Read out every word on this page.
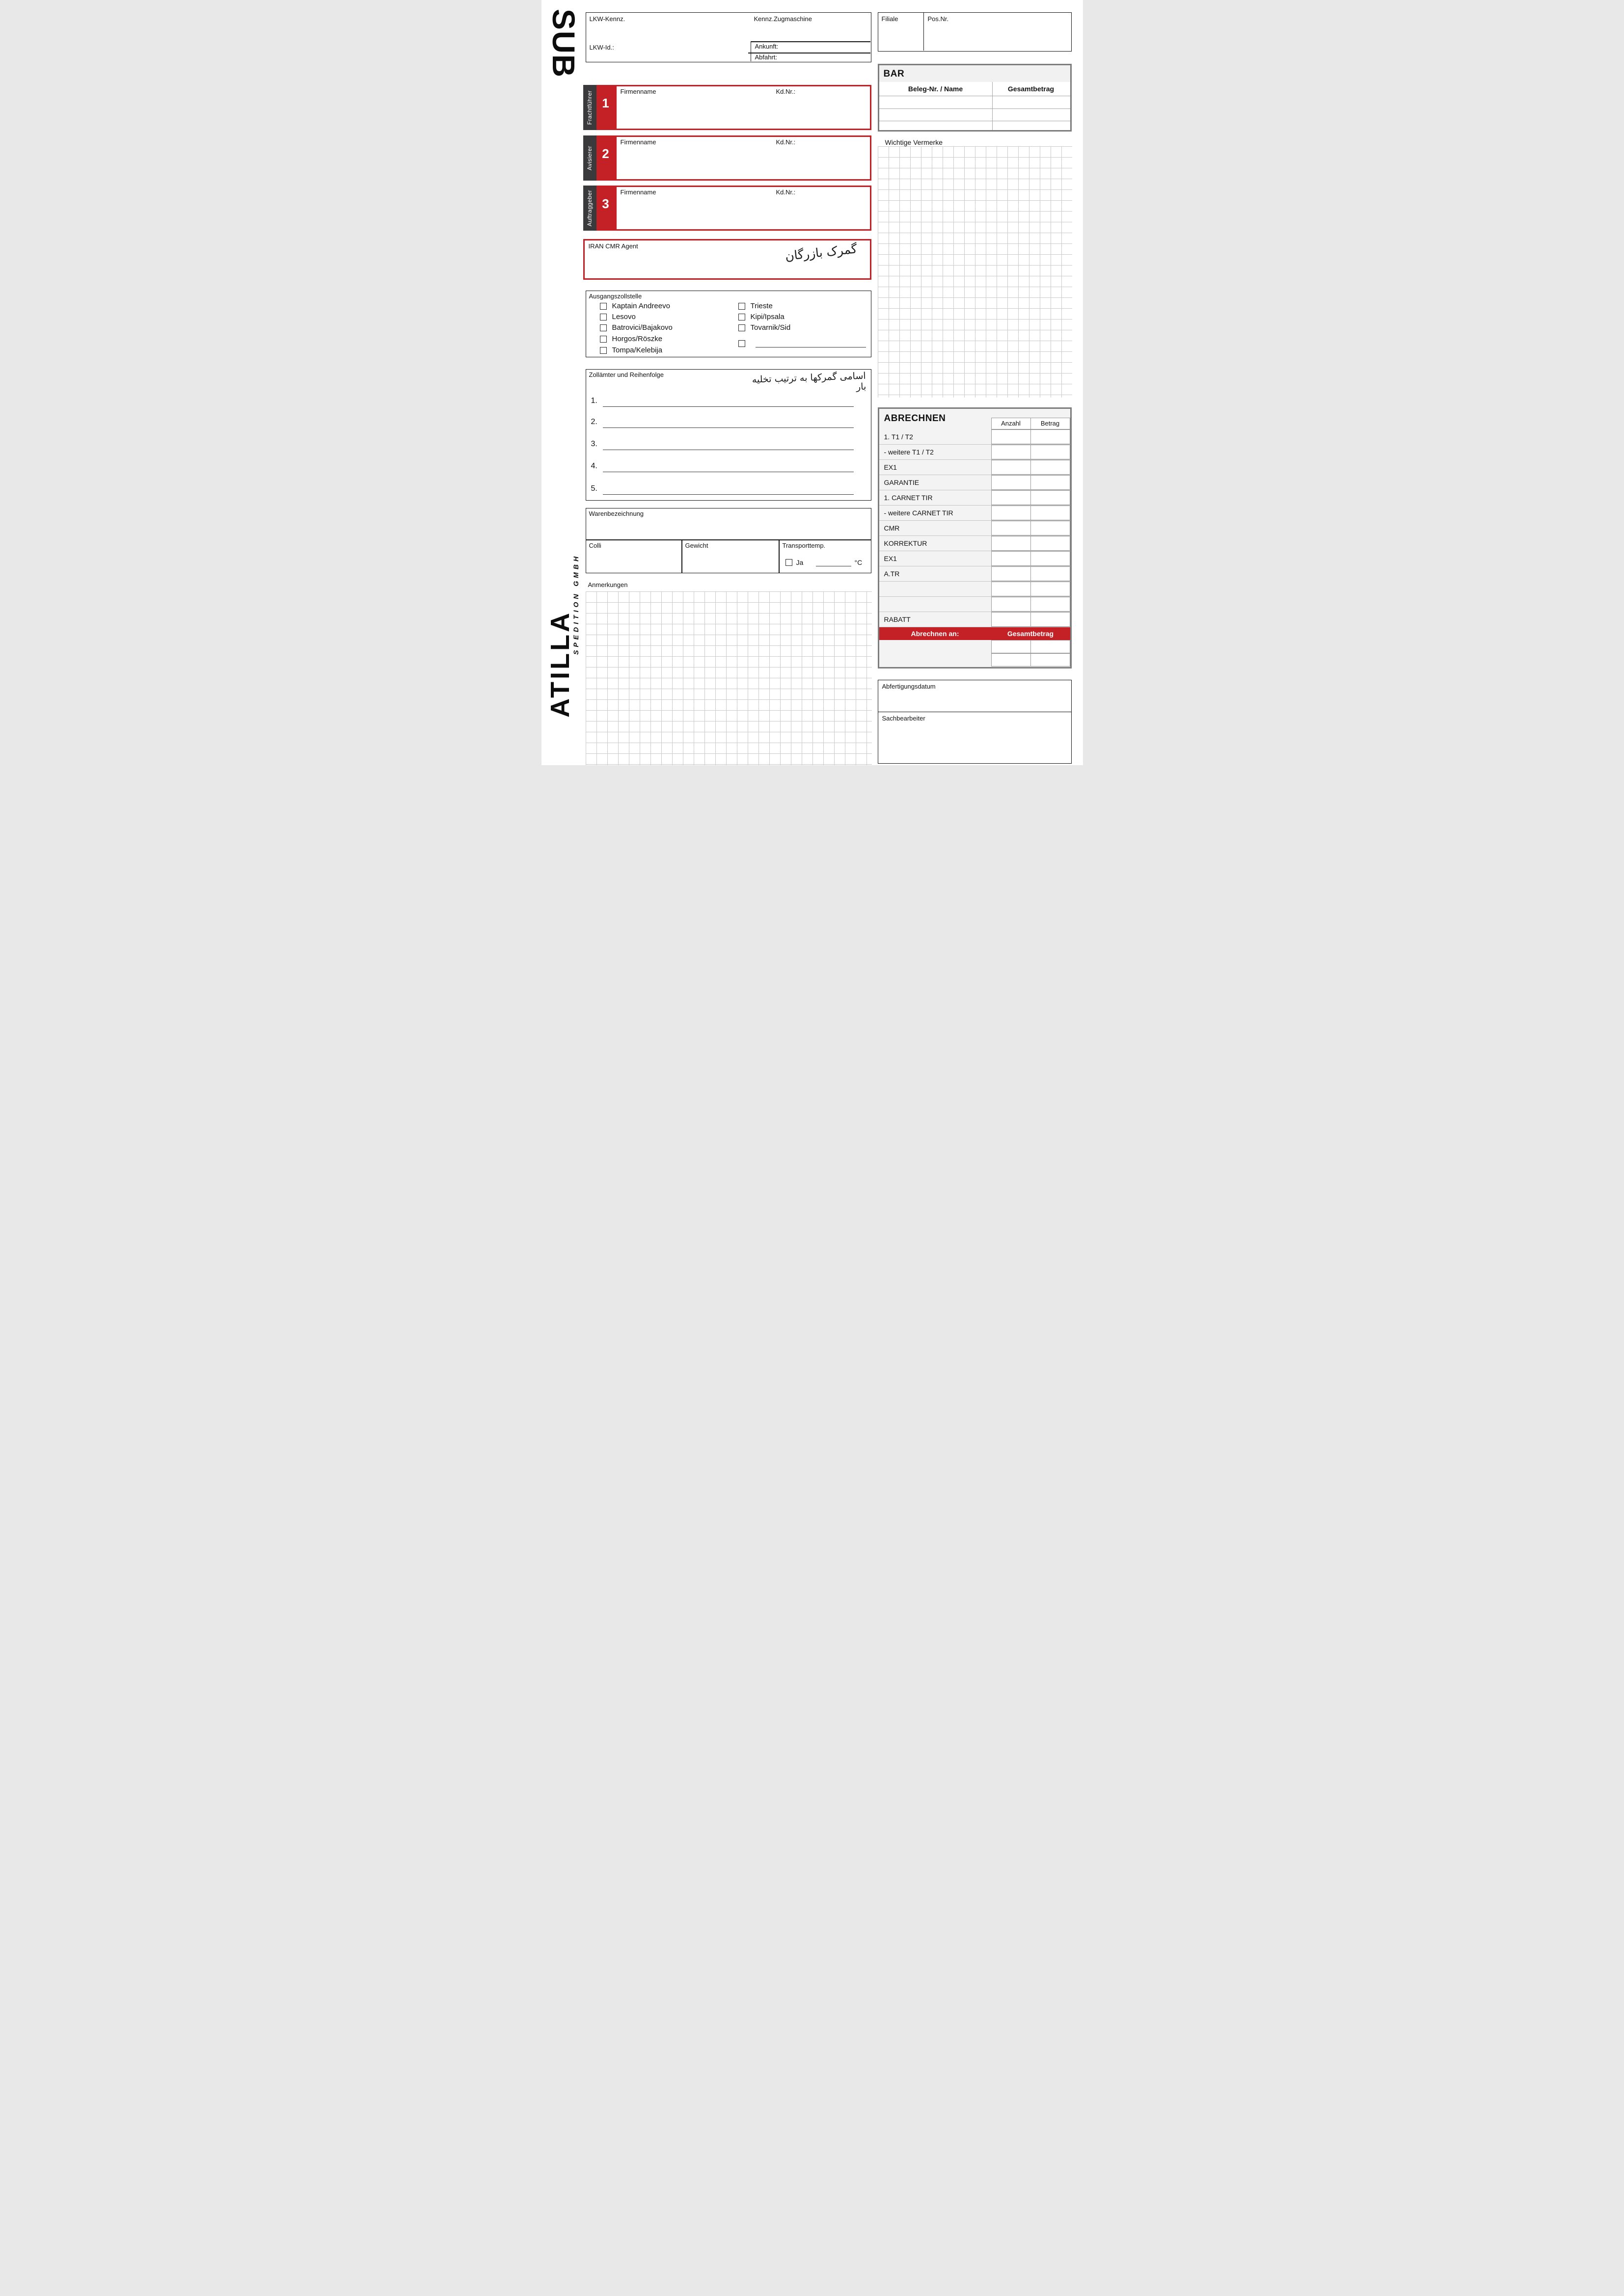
SUB
ATILLA
SPEDITION GMBH
LKW-Kennz.	Kennz.Zugmaschine
LKW-Id.:	Ankunft:
Abfahrt:
Filiale	Pos.Nr.
BAR
Beleg-Nr. / Name	Gesamtbetrag
Frachtführer 1
Firmenname	Kd.Nr.:
Avisierer 2
Firmenname	Kd.Nr.:
Auftraggeber 3
Firmenname	Kd.Nr.:
IRAN CMR Agent	گمرک بازرگان
Wichtige Vermerke
Ausgangszollstelle
Kaptain Andreevo
Lesovo
Batrovici/Bajakovo
Horgos/Röszke
Tompa/Kelebija
Trieste
Kipi/Ipsala
Tovarnik/Sid
Zollämter und Reihenfolge	اسامی گمرکها به ترتیب تخلیه بار
1.
2.
3.
4.
5.
Warenbezeichnung
Colli	Gewicht	Transporttemp.
Ja	°C
Anmerkungen
ABRECHNEN	Anzahl	Betrag
1. T1 / T2
- weitere T1 / T2
EX1
GARANTIE
1. CARNET TIR
- weitere CARNET TIR
CMR
KORREKTUR
EX1
A.TR
RABATT
Abrechnen an:	Gesamtbetrag
Abfertigungsdatum
Sachbearbeiter
